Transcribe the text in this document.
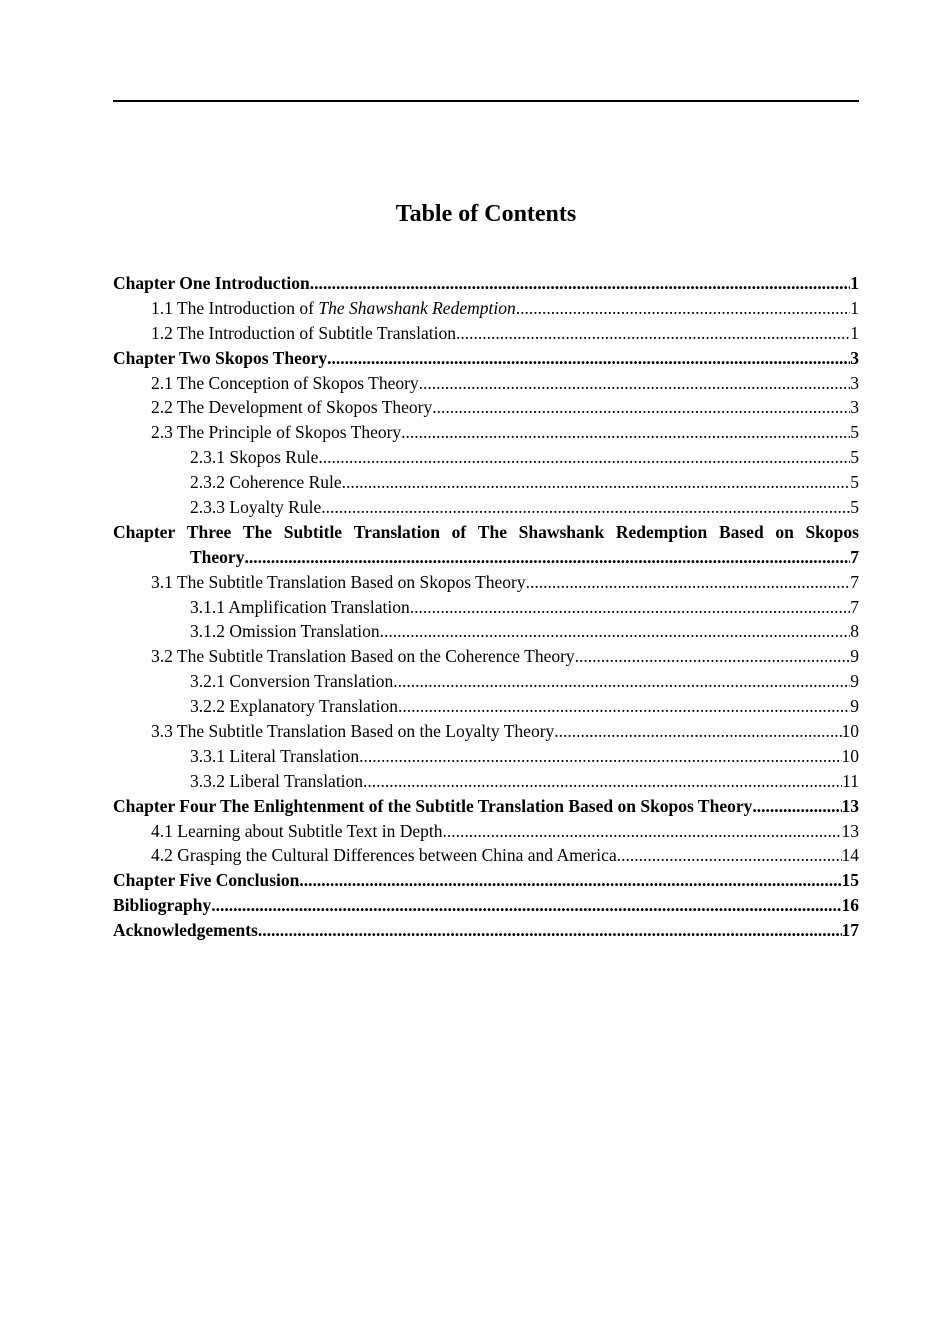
Table of Contents
Chapter One Introduction .....	1
1.1 The Introduction of The Shawshank Redemption .....	1
1.2 The Introduction of Subtitle Translation .....	1
Chapter Two Skopos Theory .....	3
2.1 The Conception of Skopos Theory .....	3
2.2 The Development of Skopos Theory .....	3
2.3 The Principle of Skopos Theory .....	5
2.3.1 Skopos Rule .....	5
2.3.2 Coherence Rule .....	5
2.3.3 Loyalty Rule .....	5
Chapter Three The Subtitle Translation of The Shawshank Redemption Based on Skopos
Theory .....	7
3.1 The Subtitle Translation Based on Skopos Theory .....	7
3.1.1 Amplification Translation .....	7
3.1.2 Omission Translation .....	8
3.2 The Subtitle Translation Based on the Coherence Theory .....	9
3.2.1 Conversion Translation .....	9
3.2.2 Explanatory Translation .....	9
3.3 The Subtitle Translation Based on the Loyalty Theory .....	10
3.3.1 Literal Translation .....	10
3.3.2 Liberal Translation .....	11
Chapter Four The Enlightenment of the Subtitle Translation Based on Skopos Theory .....	13
4.1 Learning about Subtitle Text in Depth .....	13
4.2 Grasping the Cultural Differences between China and America .....	14
Chapter Five Conclusion .....	15
Bibliography .....	16
Acknowledgements .....	17
